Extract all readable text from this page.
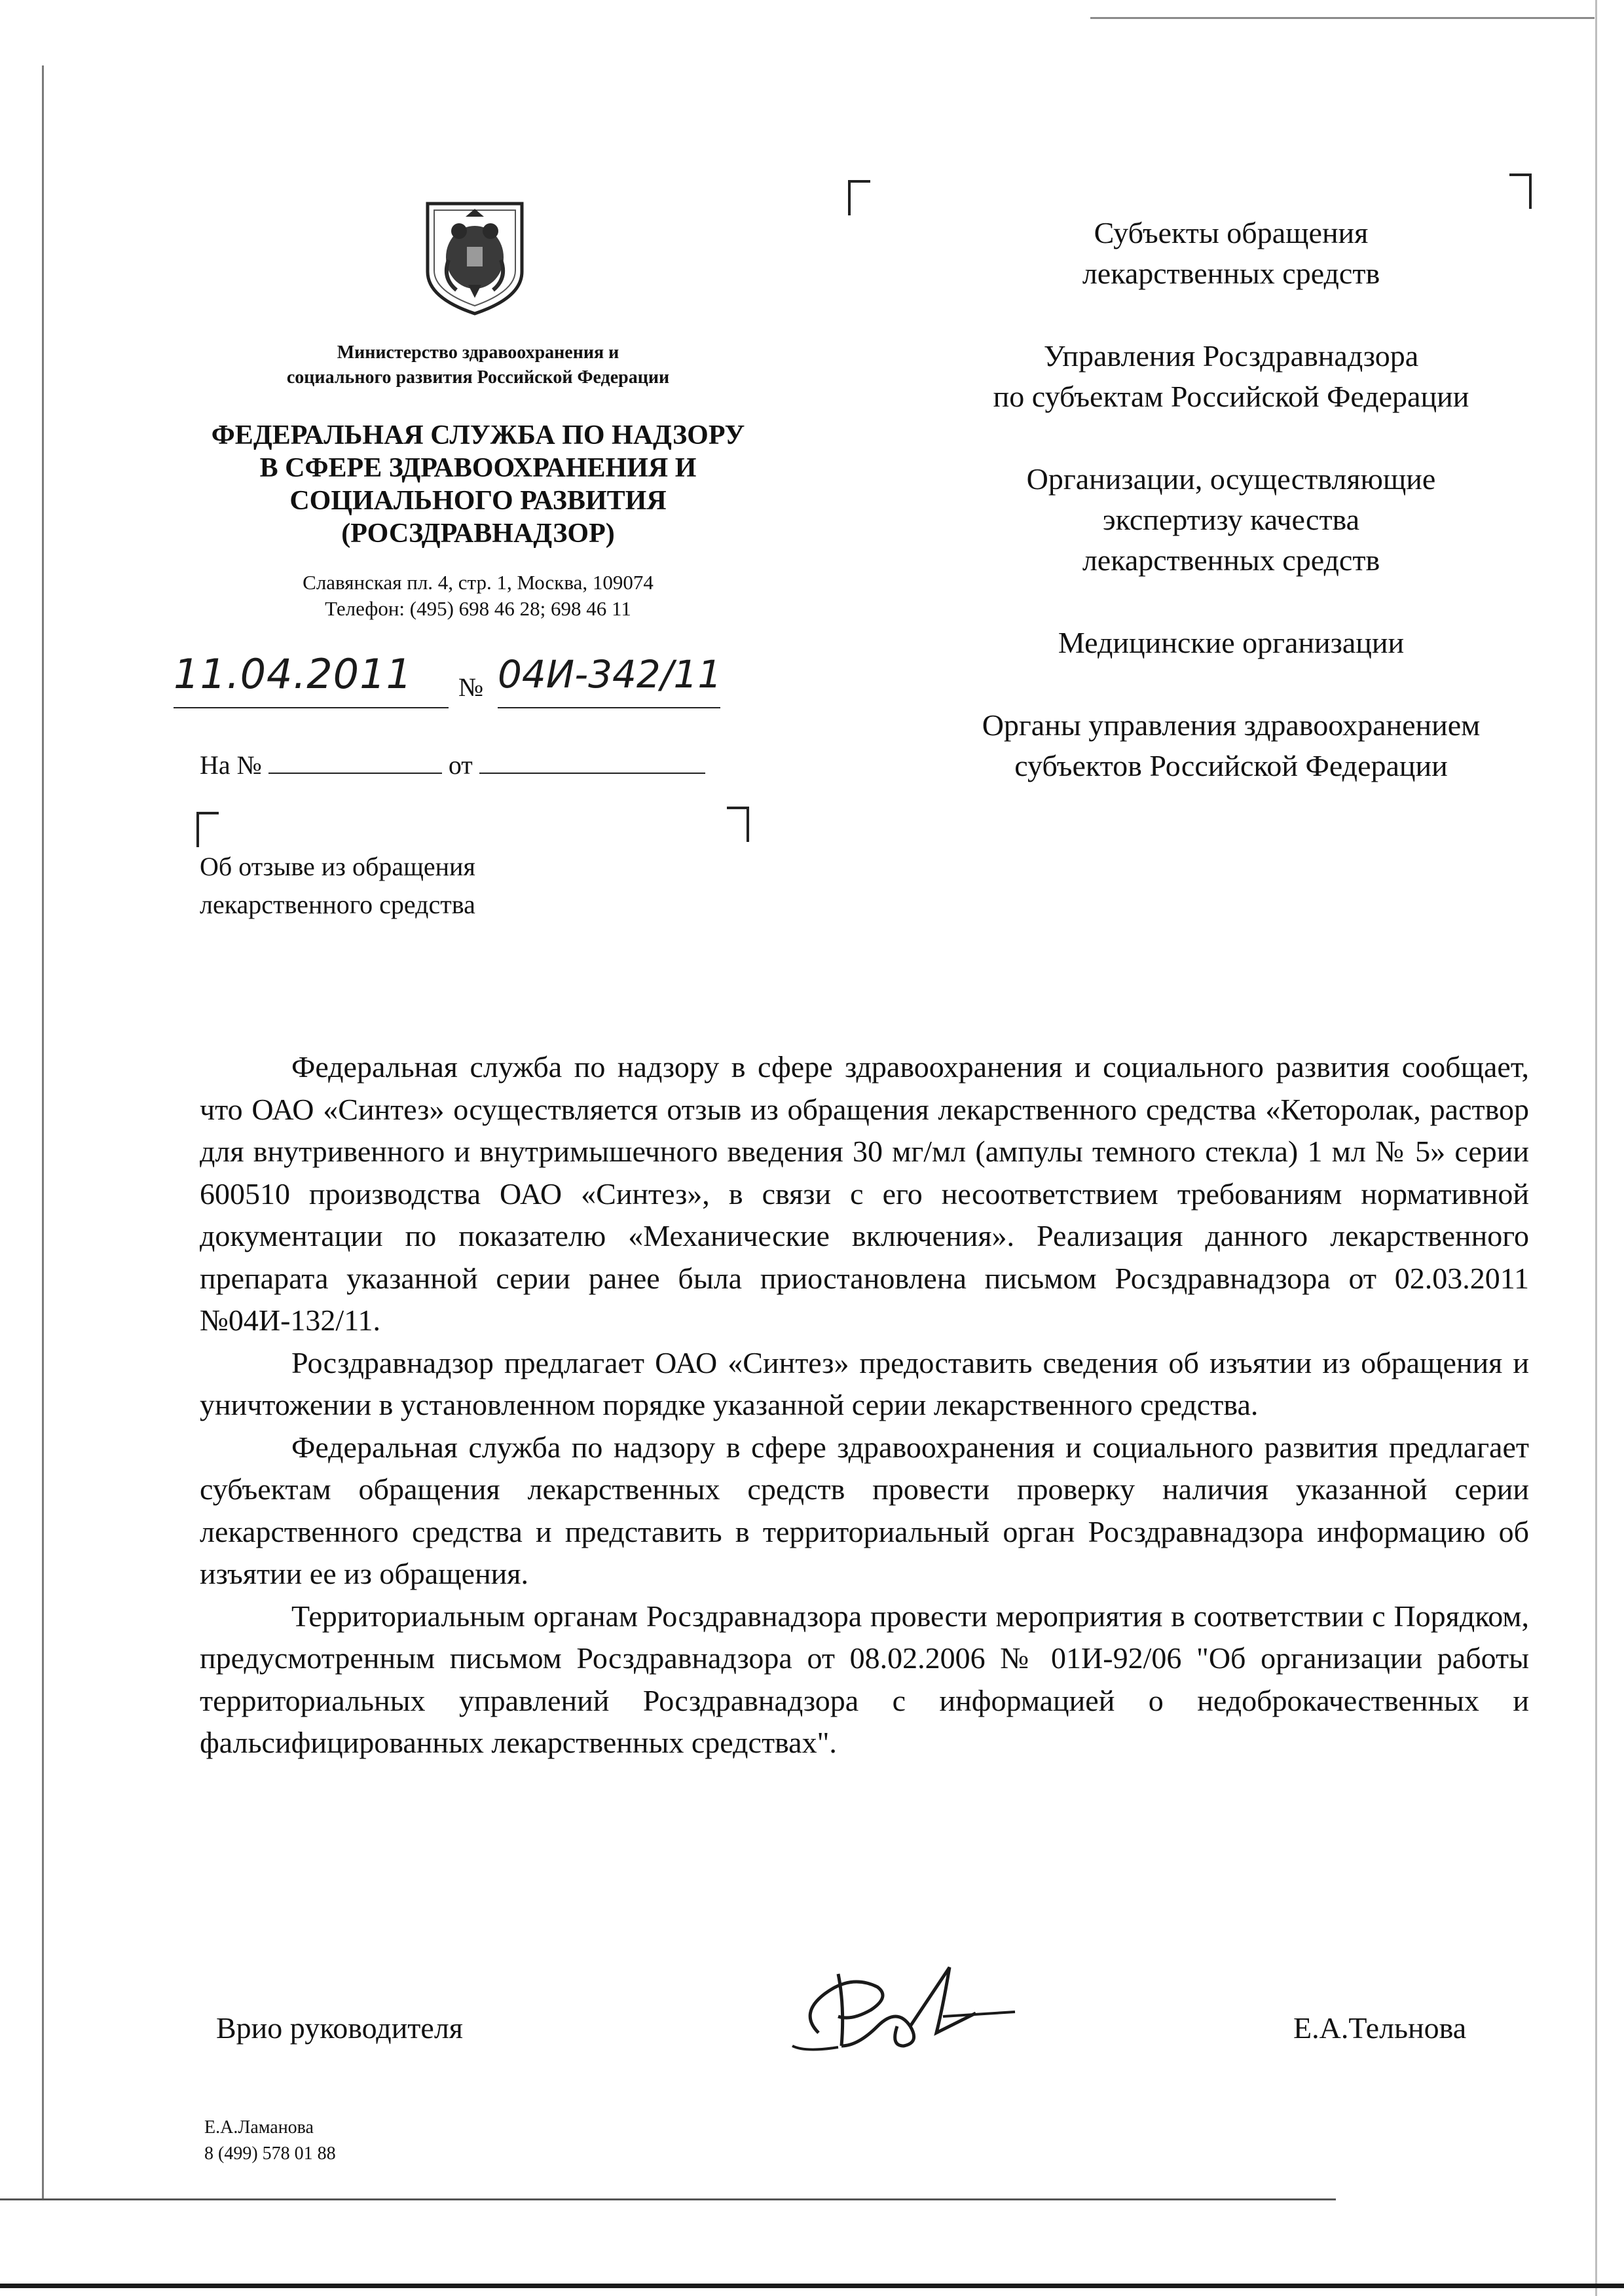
Министерство здравоохранения и
социального развития Российской Федерации
ФЕДЕРАЛЬНАЯ СЛУЖБА ПО НАДЗОРУ
В СФЕРЕ ЗДРАВООХРАНЕНИЯ И
СОЦИАЛЬНОГО РАЗВИТИЯ
(РОСЗДРАВНАДЗОР)
Славянская пл. 4, стр. 1, Москва, 109074
Телефон: (495) 698 46 28; 698 46 11
11.04.2011	№ 04И-342/11
На №	от
Об отзыве из обращения
лекарственного средства
Субъекты обращения
лекарственных средств
Управления Росздравнадзора
по субъектам Российской Федерации
Организации, осуществляющие
экспертизу качества
лекарственных средств
Медицинские организации
Органы управления здравоохранением
субъектов Российской Федерации

Федеральная служба по надзору в сфере здравоохранения и социального развития сообщает, что ОАО «Синтез» осуществляется отзыв из обращения лекарственного средства «Кеторолак, раствор для внутривенного и внутримышечного введения 30 мг/мл (ампулы темного стекла) 1 мл № 5» серии 600510 производства ОАО «Синтез», в связи с его несоответствием требованиям нормативной документации по показателю «Механические включения». Реализация данного лекарственного препарата указанной серии ранее была приостановлена письмом Росздравнадзора от 02.03.2011 №04И-132/11.

Росздравнадзор предлагает ОАО «Синтез» предоставить сведения об изъятии из обращения и уничтожении в установленном порядке указанной серии лекарственного средства.

Федеральная служба по надзору в сфере здравоохранения и социального развития предлагает субъектам обращения лекарственных средств провести проверку наличия указанной серии лекарственного средства и представить в территориальный орган Росздравнадзора информацию об изъятии ее из обращения.

Территориальным органам Росздравнадзора провести мероприятия в соответствии с Порядком, предусмотренным письмом Росздравнадзора от 08.02.2006 № 01И-92/06 "Об организации работы территориальных управлений Росздравнадзора с информацией о недоброкачественных и фальсифицированных лекарственных средствах".

Врио руководителя	Е.А.Тельнова
Е.А.Ламанова
8 (499) 578 01 88
